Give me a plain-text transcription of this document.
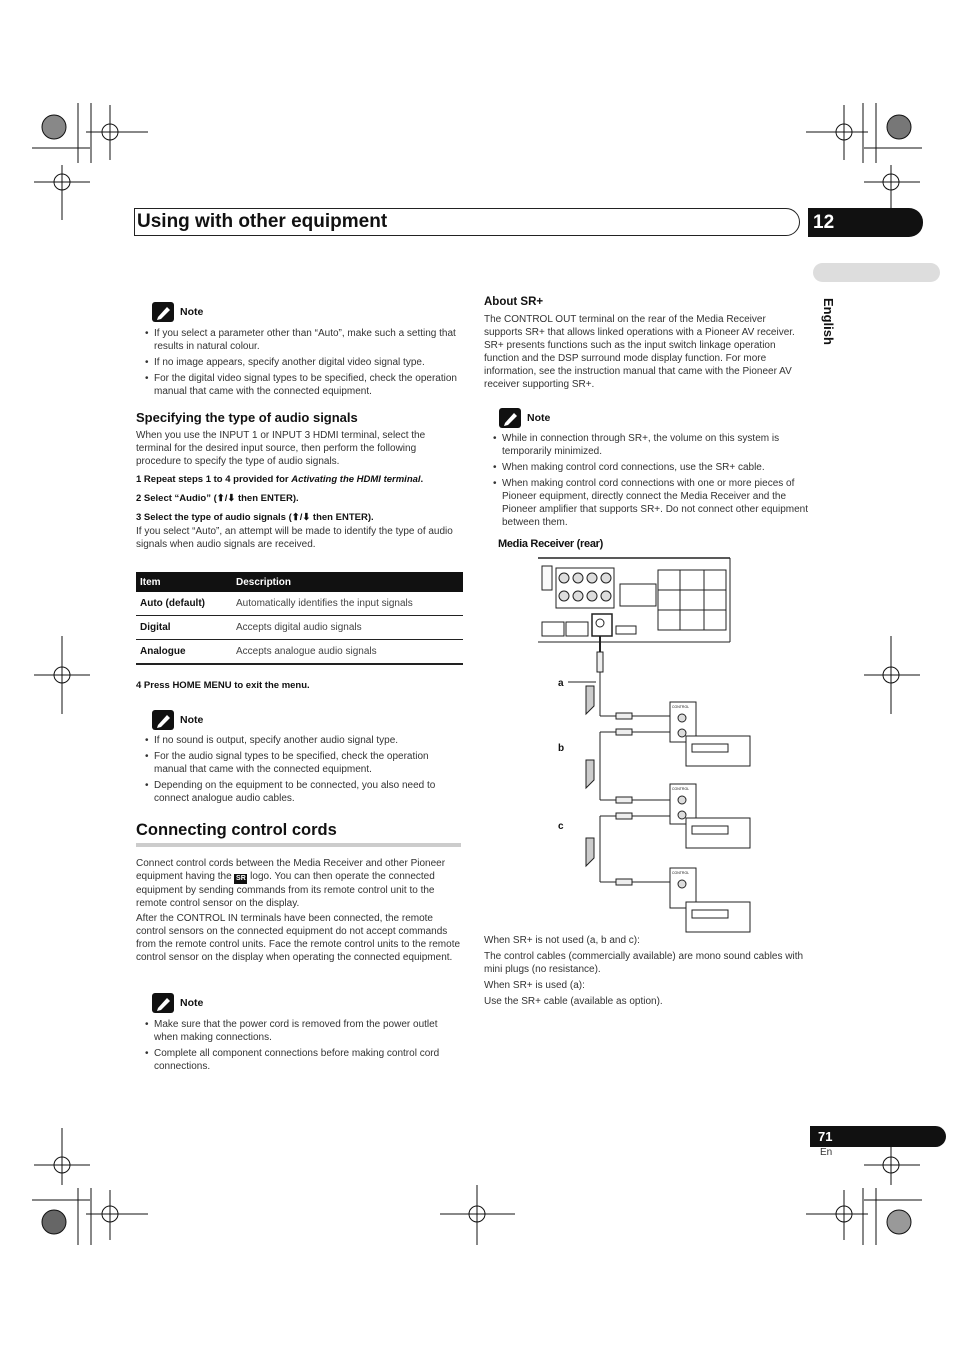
Using with other equipment	12
English
Note
• If you select a parameter other than “Auto”, make such a setting that results in natural colour.
• If no image appears, specify another digital video signal type.
• For the digital video signal types to be specified, check the operation manual that came with the connected equipment.
Specifying the type of audio signals

When you use the INPUT 1 or INPUT 3 HDMI terminal, select the terminal for the desired input source, then perform the following procedure to specify the type of audio signals.

1 Repeat steps 1 to 4 provided for Activating the HDMI terminal.
2 Select “Audio” (⬆/⬇ then ENTER).
3 Select the type of audio signals (⬆/⬇ then ENTER).

If you select “Auto”, an attempt will be made to identify the type of audio signals when audio signals are received.

Item	Description
Auto (default)	Automatically identifies the input signals
Digital	Accepts digital audio signals
Analogue	Accepts analogue audio signals
4 Press HOME MENU to exit the menu.
Note
• If no sound is output, specify another audio signal type.
• For the audio signal types to be specified, check the operation manual that came with the connected equipment.
• Depending on the equipment to be connected, you also need to connect analogue audio cables.
Connecting control cords

Connect control cords between the Media Receiver and other Pioneer equipment having the SR logo. You can then operate the connected equipment by sending commands from its remote control unit to the remote control sensor on the display.

After the CONTROL IN terminals have been connected, the remote control sensors on the connected equipment do not accept commands from the remote control units. Face the remote control units to the remote control sensor on the display when operating the connected equipment.

Note
• Make sure that the power cord is removed from the power outlet when making connections.
• Complete all component connections before making control cord connections.
About SR+

The CONTROL OUT terminal on the rear of the Media Receiver supports SR+ that allows linked operations with a Pioneer AV receiver. SR+ presents functions such as the input switch linkage operation function and the DSP surround mode display function. For more information, see the instruction manual that came with the Pioneer AV receiver supporting SR+.

Note
• While in connection through SR+, the volume on this system is temporarily minimized.
• When making control cord connections, use the SR+ cable.
• When making control cord connections with one or more pieces of Pioneer equipment, directly connect the Media Receiver and the Pioneer amplifier that supports SR+. Do not connect other equipment between them.
Media Receiver (rear)
a
b
c
CONTROL
CONTROL
CONTROL

When SR+ is not used (a, b and c):

The control cables (commercially available) are mono sound cables with mini plugs (no resistance).

When SR+ is used (a):

Use the SR+ cable (available as option).

71
En
